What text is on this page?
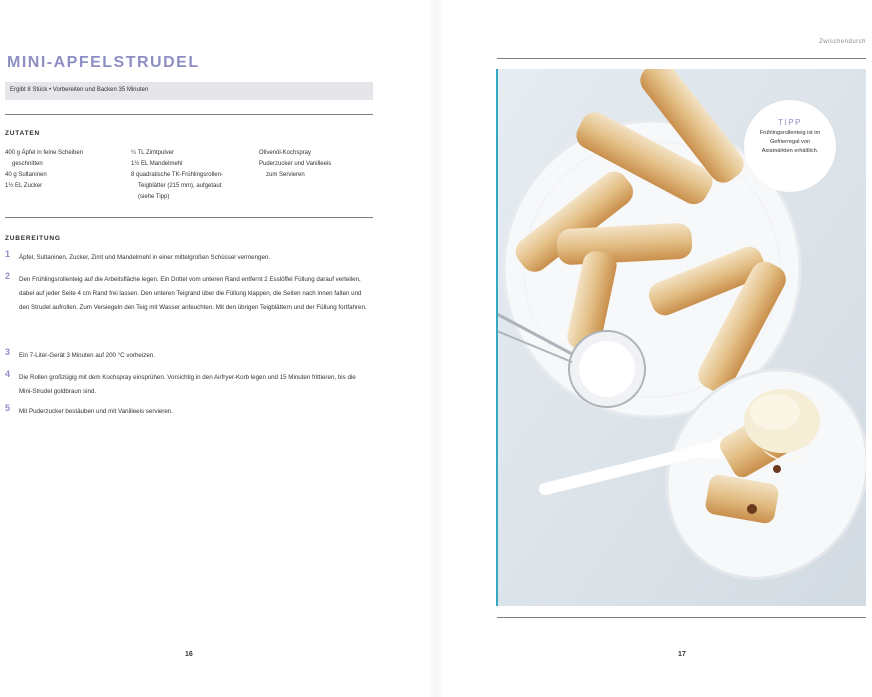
MINI-APFELSTRUDEL
Ergibt 8 Stück • Vorbereiten und Backen 35 Minuten
ZUTATEN
400 g Äpfel in feine Scheiben
geschnitten
40 g Sultaninen
1½ EL Zucker
¼ TL Zimtpulver
1½ EL Mandelmehl
8 quadratische TK-Frühlingsrollen-
Teigblätter (215 mm), aufgetaut
(siehe Tipp)
Olivenöl-Kochspray
Puderzucker und Vanilleeis
zum Servieren
ZUBEREITUNG
1 Äpfel, Sultaninen, Zucker, Zimt und Mandelmehl in einer mittelgroßen Schüssel vermengen.
2 Den Frühlingsrollenteig auf die Arbeitsfläche legen. Ein Drittel vom unteren Rand entfernt 2 Esslöffel Füllung darauf verteilen, dabei auf jeder Seite 4 cm Rand frei lassen. Den unteren Teigrand über die Füllung klappen, die Seiten nach innen falten und den Strudel aufrollen. Zum Versiegeln den Teig mit Wasser anfeuchten. Mit den übrigen Teigblättern und der Füllung fortfahren.
3 Ein 7-Liter-Gerät 3 Minuten auf 200 °C vorheizen.
4 Die Rollen großzügig mit dem Kochspray einsprühen. Vorsichtig in den Airfryer-Korb legen und 15 Minuten frittieren, bis die Mini-Strudel goldbraun sind.
5 Mit Puderzucker bestäuben und mit Vanilleeis servieren.
16
Zwischendurch
TIPP
Frühlingsrollenteig ist im Gefrierregal von Asiamärkten erhältlich.
17
